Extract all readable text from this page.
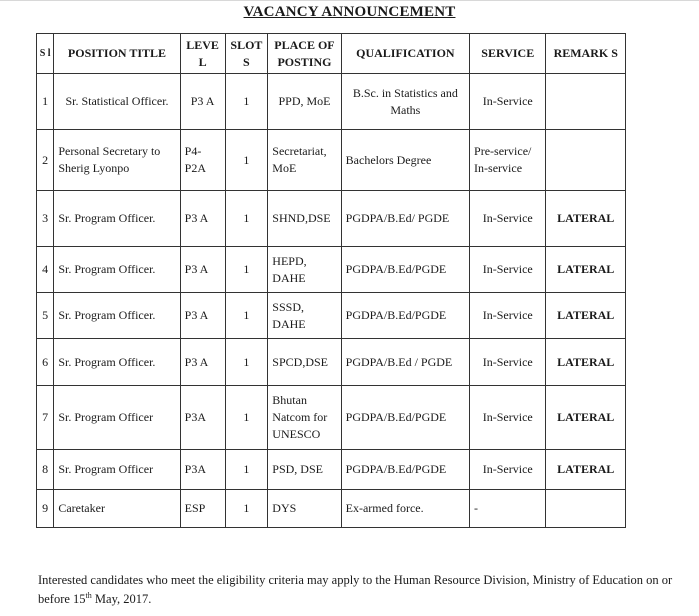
VACANCY ANNOUNCEMENT
S l	POSITION TITLE	LEVE L	SLOT S	PLACE OF POSTING	QUALIFICATION	SERVICE	REMARK S
1	Sr. Statistical Officer.	P3 A	1	PPD, MoE	B.Sc. in Statistics and Maths	In-Service	
2	Personal Secretary to Sherig Lyonpo	P4-P2A	1	Secretariat, MoE	Bachelors Degree	Pre-service/ In-service	
3	Sr. Program Officer.	P3 A	1	SHND,DSE	PGDPA/B.Ed/ PGDE	In-Service	LATERAL
4	Sr. Program Officer.	P3 A	1	HEPD, DAHE	PGDPA/B.Ed/PGDE	In-Service	LATERAL
5	Sr. Program Officer.	P3 A	1	SSSD, DAHE	PGDPA/B.Ed/PGDE	In-Service	LATERAL
6	Sr. Program Officer.	P3 A	1	SPCD,DSE	PGDPA/B.Ed / PGDE	In-Service	LATERAL
7	Sr. Program Officer	P3A	1	Bhutan Natcom for UNESCO	PGDPA/B.Ed/PGDE	In-Service	LATERAL
8	Sr. Program Officer	P3A	1	PSD, DSE	PGDPA/B.Ed/PGDE	In-Service	LATERAL
9	Caretaker	ESP	1	DYS	Ex-armed force.	-	
Interested candidates who meet the eligibility criteria may apply to the Human Resource Division, Ministry of Education on or before 15th May, 2017.
